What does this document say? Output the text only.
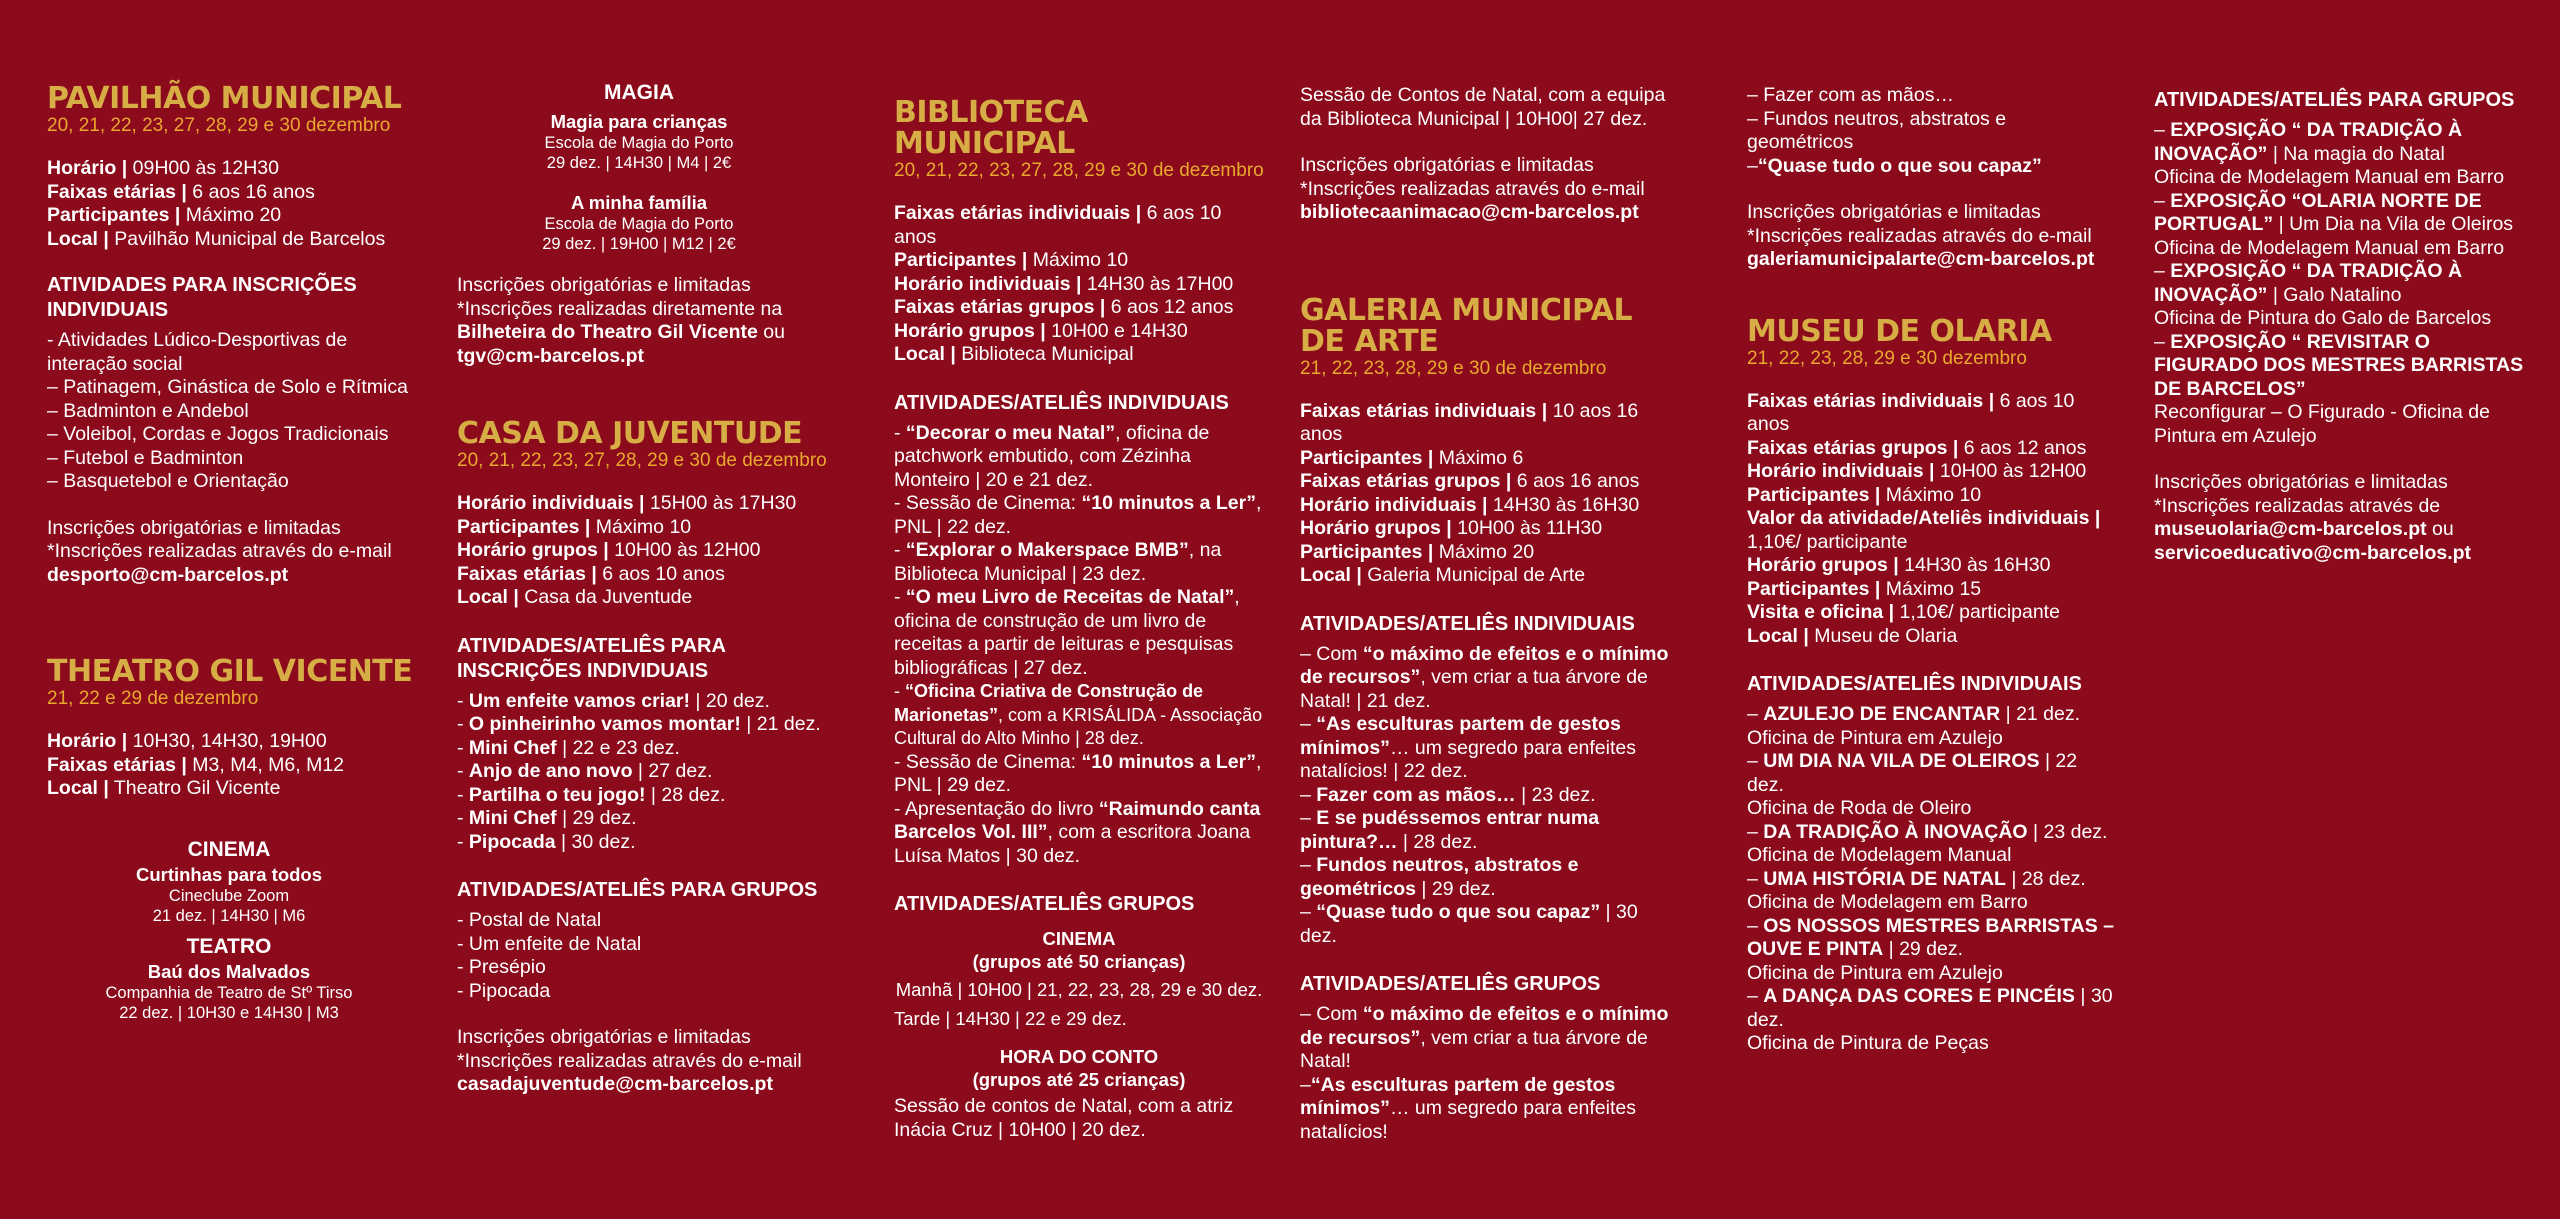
PAVILHÃO MUNICIPAL

20, 21, 22, 23, 27, 28, 29 e 30 dezembro

Horário | 09H00 às 12H30

Faixas etárias | 6 aos 16 anos

Participantes | Máximo 20

Local | Pavilhão Municipal de Barcelos

ATIVIDADES PARA INSCRIÇÕES INDIVIDUAIS

- Atividades Lúdico-Desportivas de interação social

– Patinagem, Ginástica de Solo e Rítmica

– Badminton e Andebol

– Voleibol, Cordas e Jogos Tradicionais

– Futebol e Badminton

– Basquetebol e Orientação

Inscrições obrigatórias e limitadas

*Inscrições realizadas através do e-mail desporto@cm-barcelos.pt

THEATRO GIL VICENTE

21, 22 e 29 de dezembro

Horário | 10H30, 14H30, 19H00

Faixas etárias | M3, M4, M6, M12

Local | Theatro Gil Vicente

CINEMA
Curtinhas para todos
Cineclube Zoom
21 dez. | 14H30 | M6
TEATRO
Baú dos Malvados
Companhia de Teatro de Stº Tirso
22 dez. | 10H30 e 14H30 | M3
MAGIA
Magia para crianças
Escola de Magia do Porto
29 dez. | 14H30 | M4 | 2€
A minha família
Escola de Magia do Porto
29 dez. | 19H00 | M12 | 2€

Inscrições obrigatórias e limitadas

*Inscrições realizadas diretamente na Bilheteira do Theatro Gil Vicente ou

tgv@cm-barcelos.pt

CASA DA JUVENTUDE

20, 21, 22, 23, 27, 28, 29 e 30 de dezembro

Horário individuais | 15H00 às 17H30

Participantes | Máximo 10

Horário grupos | 10H00 às 12H00

Faixas etárias | 6 aos 10 anos

Local | Casa da Juventude

ATIVIDADES/ATELIÊS PARA INSCRIÇÕES INDIVIDUAIS

- Um enfeite vamos criar! | 20 dez.

- O pinheirinho vamos montar! | 21 dez.

- Mini Chef | 22 e 23 dez.

- Anjo de ano novo | 27 dez.

- Partilha o teu jogo! | 28 dez.

- Mini Chef | 29 dez.

- Pipocada | 30 dez.

ATIVIDADES/ATELIÊS PARA GRUPOS

- Postal de Natal

- Um enfeite de Natal

- Presépio

- Pipocada

Inscrições obrigatórias e limitadas

*Inscrições realizadas através do e-mail

casadajuventude@cm-barcelos.pt

BIBLIOTECA MUNICIPAL

20, 21, 22, 23, 27, 28, 29 e 30 de dezembro

Faixas etárias individuais | 6 aos 10 anos

Participantes | Máximo 10

Horário individuais | 14H30 às 17H00

Faixas etárias grupos | 6 aos 12 anos

Horário grupos | 10H00 e 14H30

Local | Biblioteca Municipal

ATIVIDADES/ATELIÊS INDIVIDUAIS

- “Decorar o meu Natal”, oficina de patchwork embutido, com Zézinha Monteiro | 20 e 21 dez.

- Sessão de Cinema: “10 minutos a Ler”, PNL | 22 dez.

- “Explorar o Makerspace BMB”, na Biblioteca Municipal | 23 dez.

- “O meu Livro de Receitas de Natal”, oficina de construção de um livro de receitas a partir de leituras e pesquisas bibliográficas | 27 dez.

- “Oficina Criativa de Construção de Marionetas”, com a KRISÁLIDA - Associação Cultural do Alto Minho | 28 dez.

- Sessão de Cinema: “10 minutos a Ler”, PNL | 29 dez.

- Apresentação do livro “Raimundo canta Barcelos Vol. III”, com a escritora Joana Luísa Matos | 30 dez.

ATIVIDADES/ATELIÊS GRUPOS
CINEMA
(grupos até 50 crianças)
Manhã | 10H00 | 21, 22, 23, 28, 29 e 30 dez.
Tarde | 14H30 | 22 e 29 dez.
HORA DO CONTO
(grupos até 25 crianças)

Sessão de contos de Natal, com a atriz Inácia Cruz | 10H00 | 20 dez.

Sessão de Contos de Natal, com a equipa da Biblioteca Municipal | 10H00| 27 dez.

Inscrições obrigatórias e limitadas

*Inscrições realizadas através do e-mail

bibliotecaanimacao@cm-barcelos.pt

GALERIA MUNICIPAL DE ARTE

21, 22, 23, 28, 29 e 30 de dezembro

Faixas etárias individuais | 10 aos 16 anos

Participantes | Máximo 6

Faixas etárias grupos | 6 aos 16 anos

Horário individuais | 14H30 às 16H30

Horário grupos | 10H00 às 11H30

Participantes | Máximo 20

Local | Galeria Municipal de Arte

ATIVIDADES/ATELIÊS INDIVIDUAIS

– Com “o máximo de efeitos e o mínimo de recursos”, vem criar a tua árvore de Natal! | 21 dez.

– “As esculturas partem de gestos mínimos”… um segredo para enfeites natalícios! | 22 dez.

– Fazer com as mãos… | 23 dez.

– E se pudéssemos entrar numa pintura?… | 28 dez.

– Fundos neutros, abstratos e geométricos | 29 dez.

– “Quase tudo o que sou capaz” | 30 dez.

ATIVIDADES/ATELIÊS GRUPOS

– Com “o máximo de efeitos e o mínimo de recursos”, vem criar a tua árvore de Natal!

–“As esculturas partem de gestos mínimos”… um segredo para enfeites natalícios!

– Fazer com as mãos…

– Fundos neutros, abstratos e geométricos

–“Quase tudo o que sou capaz”

Inscrições obrigatórias e limitadas

*Inscrições realizadas através do e-mail

galeriamunicipalarte@cm-barcelos.pt

MUSEU DE OLARIA

21, 22, 23, 28, 29 e 30 dezembro

Faixas etárias individuais | 6 aos 10 anos

Faixas etárias grupos | 6 aos 12 anos

Horário individuais | 10H00 às 12H00

Participantes | Máximo 10

Valor da atividade/Ateliês individuais | 1,10€/ participante

Horário grupos | 14H30 às 16H30

Participantes | Máximo 15

Visita e oficina | 1,10€/ participante

Local | Museu de Olaria

ATIVIDADES/ATELIÊS INDIVIDUAIS

– AZULEJO DE ENCANTAR | 21 dez.
Oficina de Pintura em Azulejo

– UM DIA NA VILA DE OLEIROS | 22 dez.
Oficina de Roda de Oleiro

– DA TRADIÇÃO À INOVAÇÃO | 23 dez.
Oficina de Modelagem Manual

– UMA HISTÓRIA DE NATAL | 28 dez.
Oficina de Modelagem em Barro

– OS NOSSOS MESTRES BARRISTAS – OUVE E PINTA | 29 dez.
Oficina de Pintura em Azulejo

– A DANÇA DAS CORES E PINCÉIS | 30 dez.
Oficina de Pintura de Peças

ATIVIDADES/ATELIÊS PARA GRUPOS

– EXPOSIÇÃO “ DA TRADIÇÃO À INOVAÇÃO” | Na magia do Natal
Oficina de Modelagem Manual em Barro

– EXPOSIÇÃO “OLARIA NORTE DE PORTUGAL” | Um Dia na Vila de Oleiros
Oficina de Modelagem Manual em Barro

– EXPOSIÇÃO “ DA TRADIÇÃO À INOVAÇÃO” | Galo Natalino
Oficina de Pintura do Galo de Barcelos

– EXPOSIÇÃO “ REVISITAR O FIGURADO DOS MESTRES BARRISTAS DE BARCELOS”
Reconfigurar – O Figurado - Oficina de Pintura em Azulejo

Inscrições obrigatórias e limitadas

*Inscrições realizadas através de

museuolaria@cm-barcelos.pt ou

servicoeducativo@cm-barcelos.pt
